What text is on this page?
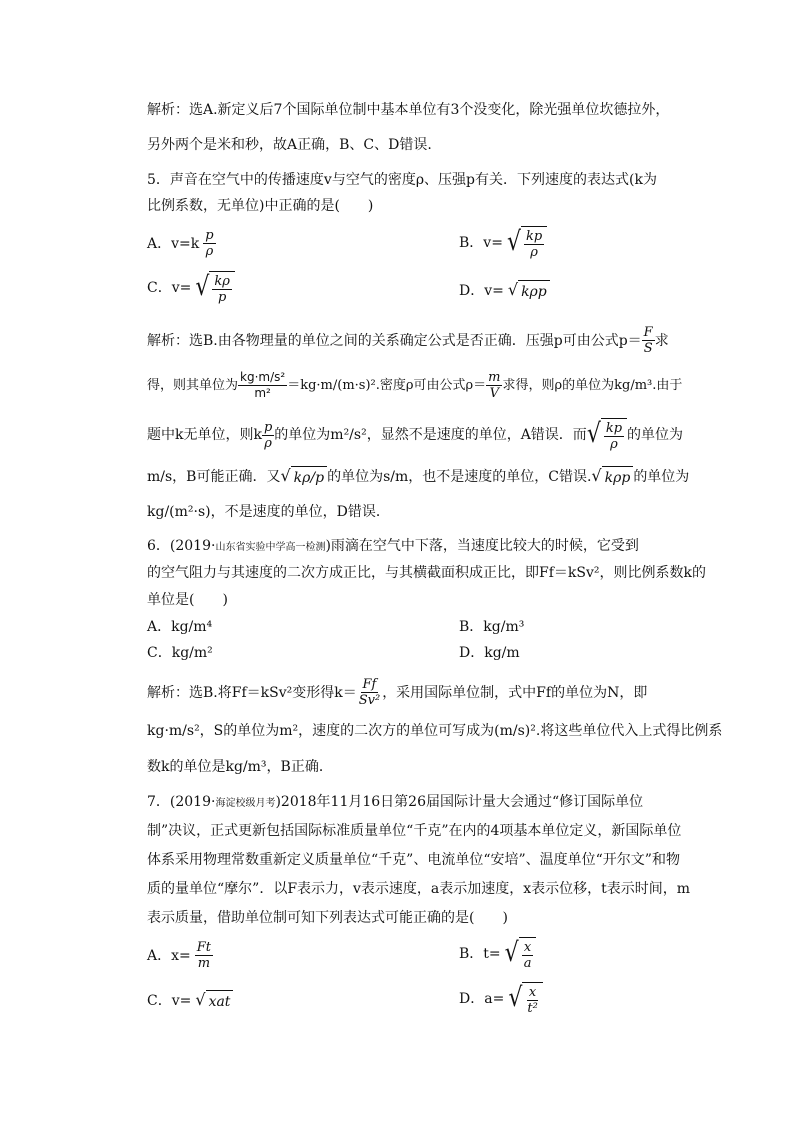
解析：选A.新定义后7个国际单位制中基本单位有3个没变化，除光强单位坎德拉外，
另外两个是米和秒，故A正确，B、C、D错误.
5．声音在空气中的传播速度v与空气的密度ρ、压强p有关．下列速度的表达式(k为
比例系数，无单位)中正确的是(　　)
A．$v=k \frac{p}{\rho}$	B．v= √ $\frac{kp}{\rho}$
C．v= √ $\frac{k\rho}{p}$	D．v= √ kρp
解析：选B.由各物理量的单位之间的关系确定公式是否正确．压强p可由公式$p= \frac{F}{S}$ 求
得，则其单位为 $\frac{\text{kg·m/s²}}{\text{m²}} =kg\cdot m/(m\cdot s)^2$.密度ρ可由公式$\rho= \frac{m}{V}$ 求得，则ρ的单位为kg/m³.由于
题中k无单位，则k $\frac{p}{\rho}$ 的单位为m²/s²，显然不是速度的单位，A错误．而 √ $\frac{kp}{\rho}$ 的单位为
m/s，B可能正确．又 √ kρ/p 的单位为s/m，也不是速度的单位，C错误. √ kρp 的单位为
kg/(m²·s)，不是速度的单位，D错误．
6．(2019·山东省实验中学高一检测)雨滴在空气中下落，当速度比较大的时候，它受到
的空气阻力与其速度的二次方成正比，与其横截面积成正比，即Ff＝kSv²，则比例系数k的
单位是(　　)
A．kg/m⁴	B．kg/m³
C．kg/m²	D．kg/m
解析：选B.将Ff＝kSv²变形得$k= \frac{Ff}{\text{Sv²}}$ ，采用国际单位制，式中Ff的单位为N，即
kg·m/s²，S的单位为m²，速度的二次方的单位可写成为(m/s)².将这些单位代入上式得比例系
数k的单位是kg/m³，B正确．
7．(2019·海淀校级月考)2018年11月16日第26届国际计量大会通过“修订国际单位
制”决议，正式更新包括国际标准质量单位“千克”在内的4项基本单位定义，新国际单位
体系采用物理常数重新定义质量单位“千克”、电流单位“安培”、温度单位“开尔文”和物
质的量单位“摩尔”．以F表示力，v表示速度，a表示加速度，x表示位移，t表示时间，m
表示质量，借助单位制可知下列表达式可能正确的是(　　)
A．$x= \frac{Ft}{m}$	B．t= √ $\frac{x}{a}$
C．v= √ xat	D．a= √ $\frac{x}{\text{t²}}$
